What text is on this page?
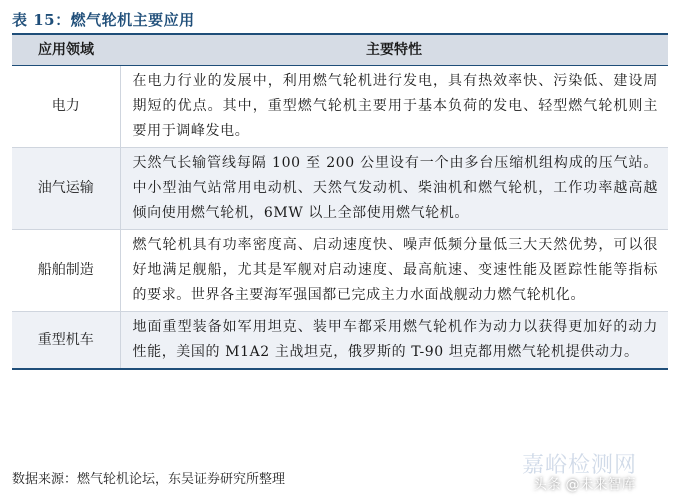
表 15：燃气轮机主要应用
应用领域	主要特性
电力	在电力行业的发展中，利用燃气轮机进行发电，具有热效率快、污染低、建设周期短的优点。其中，重型燃气轮机主要用于基本负荷的发电、轻型燃气轮机则主要用于调峰发电。
油气运输	天然气长输管线每隔 100 至 200 公里设有一个由多台压缩机组构成的压气站。中小型油气站常用电动机、天然气发动机、柴油机和燃气轮机，工作功率越高越倾向使用燃气轮机，6MW 以上全部使用燃气轮机。
船舶制造	燃气轮机具有功率密度高、启动速度快、噪声低频分量低三大天然优势，可以很好地满足舰船，尤其是军舰对启动速度、最高航速、变速性能及匿踪性能等指标的要求。世界各主要海军强国都已完成主力水面战舰动力燃气轮机化。
重型机车	地面重型装备如军用坦克、装甲车都采用燃气轮机作为动力以获得更加好的动力性能，美国的 M1A2 主战坦克，俄罗斯的 T-90 坦克都用燃气轮机提供动力。
数据来源：燃气轮机论坛，东吴证券研究所整理
嘉峪检测网
头条 @未来智库
